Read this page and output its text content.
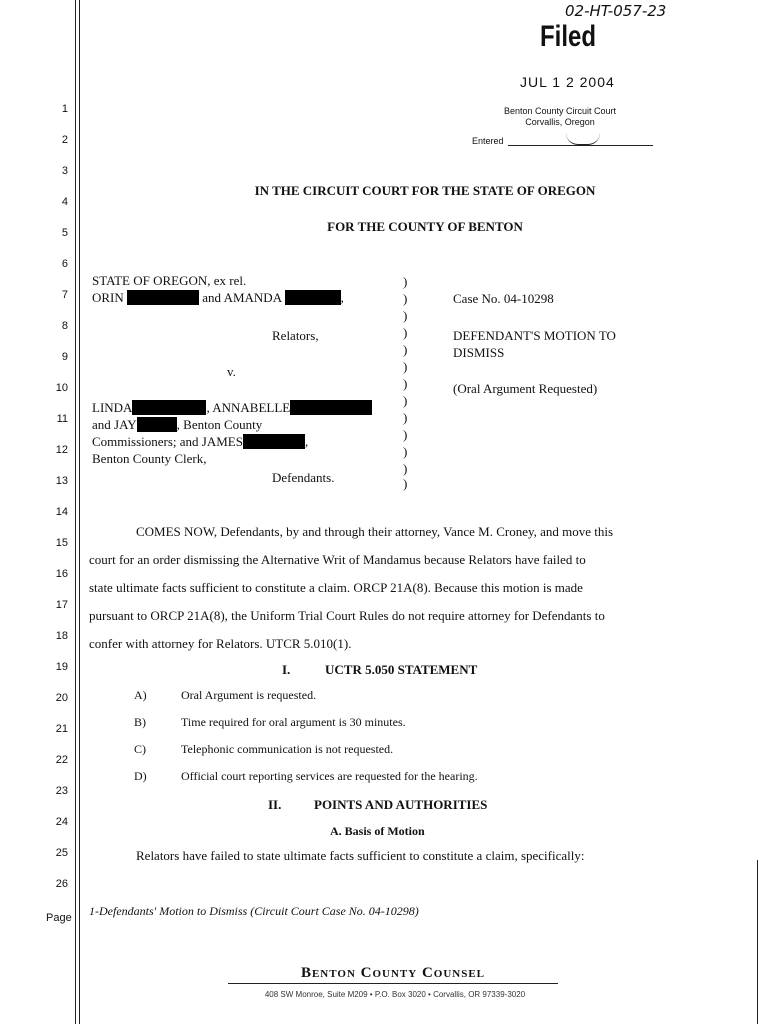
02-HT-057-23
Filed
JUL 1 2 2004
Benton County Circuit Court
Corvallis, Oregon
Entered
1
2
3
4
5
6
7
8
9
10
11
12
13
14
15
16
17
18
19
20
21
22
23
24
25
26
Page
IN THE CIRCUIT COURT FOR THE STATE OF OREGON
FOR THE COUNTY OF BENTON
STATE OF OREGON, ex rel.
ORIN	and AMANDA	,
Relators,
v.
LINDA	, ANNABELLE
and JAY	, Benton County
Commissioners; and JAMES	,
Benton County Clerk,
Defendants.
)
)
)
)
)
)
)
)
)
)
)
)
)
Case No. 04-10298
DEFENDANT'S MOTION TO
DISMISS
(Oral Argument Requested)
COMES NOW, Defendants, by and through their attorney, Vance M. Croney, and move this
court for an order dismissing the Alternative Writ of Mandamus because Relators have failed to
state ultimate facts sufficient to constitute a claim. ORCP 21A(8). Because this motion is made
pursuant to ORCP 21A(8), the Uniform Trial Court Rules do not require attorney for Defendants to
confer with attorney for Relators. UTCR 5.010(1).
I.	UCTR 5.050 STATEMENT
A)	Oral Argument is requested.
B)	Time required for oral argument is 30 minutes.
C)	Telephonic communication is not requested.
D)	Official court reporting services are requested for the hearing.
II.	POINTS AND AUTHORITIES
A. Basis of Motion
Relators have failed to state ultimate facts sufficient to constitute a claim, specifically:
1-Defendants' Motion to Dismiss (Circuit Court Case No. 04-10298)
Benton County Counsel
408 SW Monroe, Suite M209 • P.O. Box 3020 • Corvallis, OR 97339-3020
